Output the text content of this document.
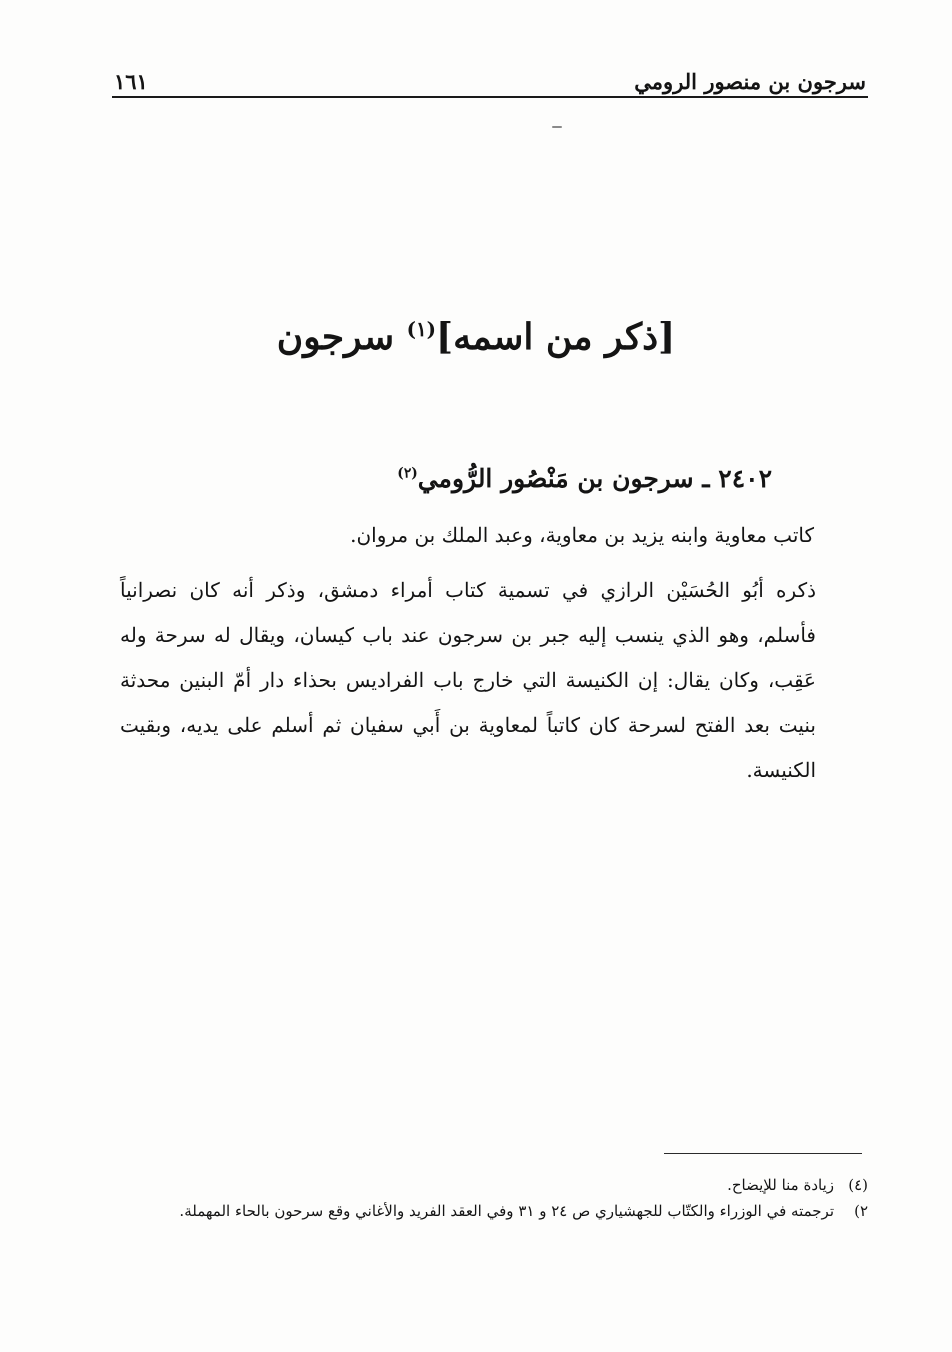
سرجون بن منصور الرومي
١٦١
[ذكر من اسمه]$^{(١)}$ سرجون
٢٤٠٢ ـ سرجون بن مَنْصُور الرُّومي$^{(٢)}$

كاتب معاوية وابنه يزيد بن معاوية، وعبد الملك بن مروان.

ذكره أبُو الحُسَيْن الرازي في تسمية كتاب أمراء دمشق، وذكر أنه كان نصرانياً فأسلم، وهو الذي ينسب إليه جبر بن سرجون عند باب كيسان، ويقال له سرحة وله عَقِب، وكان يقال: إن الكنيسة التي خارج باب الفراديس بحذاء دار أمّ البنين محدثة بنيت بعد الفتح لسرحة كان كاتباً لمعاوية بن أَبي سفيان ثم أسلم على يديه، وبقيت الكنيسة.

(٤)
زيادة منا للإيضاح.
٢)
ترجمته في الوزراء والكتّاب للجهشياري ص ٢٤ و ٣١ وفي العقد الفريد والأغاني وقع سرحون بالحاء المهملة.
